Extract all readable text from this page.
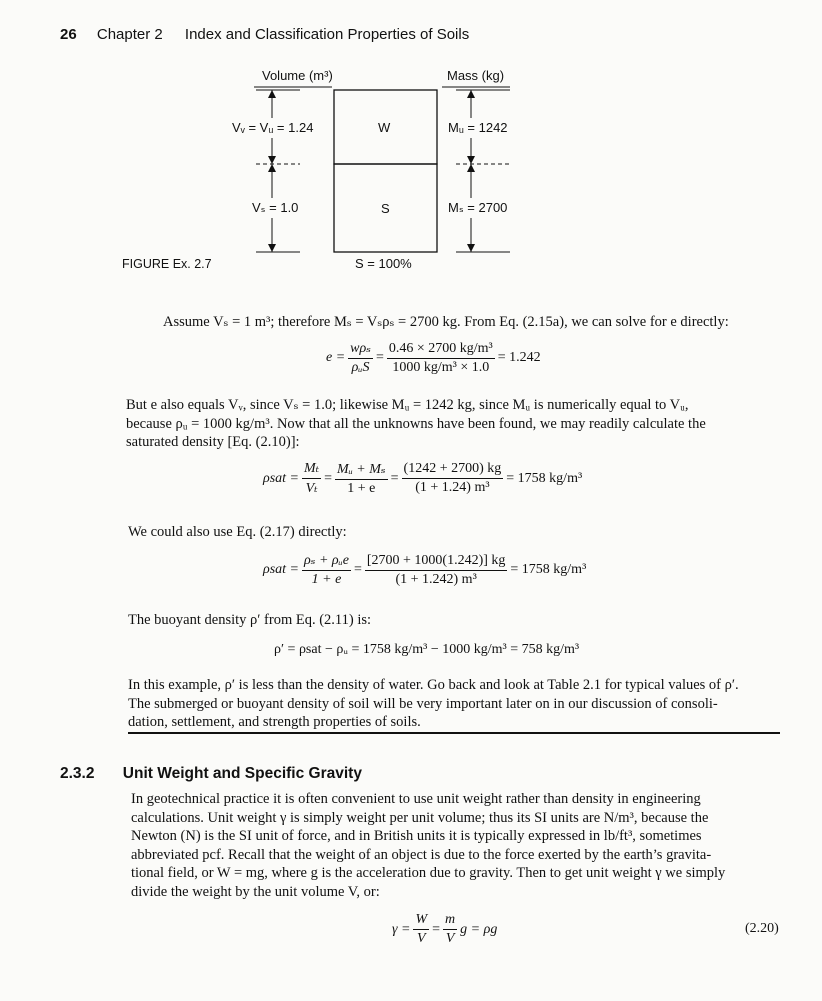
26 Chapter 2 Index and Classification Properties of Soils
Volume (m³)	Mass (kg)
Vᵥ = Vᵤ = 1.24
Vₛ = 1.0
W
S
Mᵤ = 1242
Mₛ = 2700
S = 100%
FIGURE Ex. 2.7
Assume Vₛ = 1 m³; therefore Mₛ = Vₛρₛ = 2700 kg. From Eq. (2.15a), we can solve for e directly:
$e = \frac{\text{wρₛ}}{\text{ρᵤS}} = \frac{\text{0.46 × 2700 kg/m³}}{\text{1000 kg/m³ × 1.0}} = 1.242$
But e also equals Vᵥ, since Vₛ = 1.0; likewise Mᵤ = 1242 kg, since Mᵤ is numerically equal to Vᵤ,
because ρᵤ = 1000 kg/m³. Now that all the unknowns have been found, we may readily calculate the
saturated density [Eq. (2.10)]:
$\rho sat = \frac{\text{Mₜ}}{\text{Vₜ}} = \frac{\text{Mᵤ + Mₛ}}{1 + e} = \frac{(1242 + 2700) kg}{\text{(1 + 1.24) m³}} = 1758$ kg/m³
We could also use Eq. (2.17) directly:
$\rho sat = \frac{\text{ρₛ + ρᵤe}}{1 + e} = \frac{[2700 + 1000(1.242)] kg}{\text{(1 + 1.242) m³}} = 1758$ kg/m³
The buoyant density ρ′ from Eq. (2.11) is:
ρ′ = ρsat − ρᵤ = 1758 kg/m³ − 1000 kg/m³ = 758 kg/m³
In this example, ρ′ is less than the density of water. Go back and look at Table 2.1 for typical values of ρ′.
The submerged or buoyant density of soil will be very important later on in our discussion of consoli-
dation, settlement, and strength properties of soils.
2.3.2 Unit Weight and Specific Gravity
In geotechnical practice it is often convenient to use unit weight rather than density in engineering
calculations. Unit weight γ is simply weight per unit volume; thus its SI units are N/m³, because the
Newton (N) is the SI unit of force, and in British units it is typically expressed in lb/ft³, sometimes
abbreviated pcf. Recall that the weight of an object is due to the force exerted by the earth’s gravita-
tional field, or W = mg, where g is the acceleration due to gravity. Then to get unit weight γ we simply
divide the weight by the unit volume V, or:
$\gamma = \frac{W}{V} = \frac{m}{V}$ g = ρg	(2.20)
